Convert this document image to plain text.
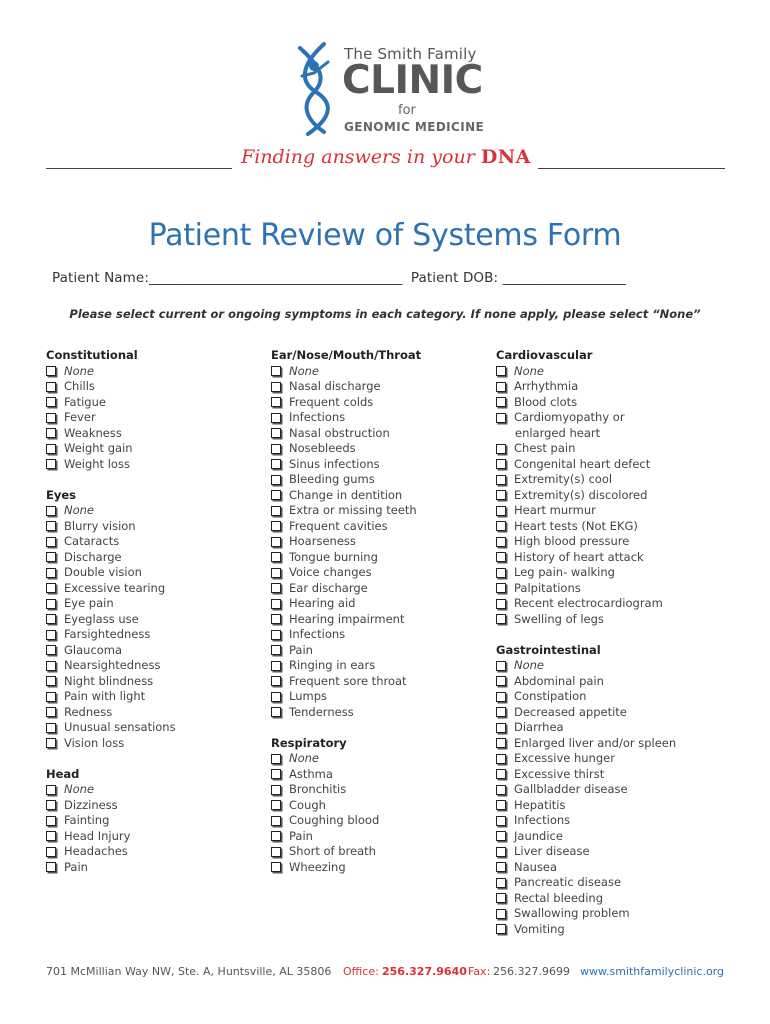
The Smith Family
CLINIC
for
GENOMIC MEDICINE
Finding answers in your DNA
Patient Review of Systems Form
Patient Name:_____________________________________ Patient DOB: __________________
Please select current or ongoing symptoms in each category. If none apply, please select “None”
Constitutional
None
Chills
Fatigue
Fever
Weakness
Weight gain
Weight loss
Eyes
None
Blurry vision
Cataracts
Discharge
Double vision
Excessive tearing
Eye pain
Eyeglass use
Farsightedness
Glaucoma
Nearsightedness
Night blindness
Pain with light
Redness
Unusual sensations
Vision loss
Head
None
Dizziness
Fainting
Head Injury
Headaches
Pain
Ear/Nose/Mouth/Throat
None
Nasal discharge
Frequent colds
Infections
Nasal obstruction
Nosebleeds
Sinus infections
Bleeding gums
Change in dentition
Extra or missing teeth
Frequent cavities
Hoarseness
Tongue burning
Voice changes
Ear discharge
Hearing aid
Hearing impairment
Infections
Pain
Ringing in ears
Frequent sore throat
Lumps
Tenderness
Respiratory
None
Asthma
Bronchitis
Cough
Coughing blood
Pain
Short of breath
Wheezing
Cardiovascular
None
Arrhythmia
Blood clots
Cardiomyopathy or
enlarged heart
Chest pain
Congenital heart defect
Extremity(s) cool
Extremity(s) discolored
Heart murmur
Heart tests (Not EKG)
High blood pressure
History of heart attack
Leg pain- walking
Palpitations
Recent electrocardiogram
Swelling of legs
Gastrointestinal
None
Abdominal pain
Constipation
Decreased appetite
Diarrhea
Enlarged liver and/or spleen
Excessive hunger
Excessive thirst
Gallbladder disease
Hepatitis
Infections
Jaundice
Liver disease
Nausea
Pancreatic disease
Rectal bleeding
Swallowing problem
Vomiting
701 McMillian Way NW, Ste. A, Huntsville, AL 35806 Office: 256.327.9640 Fax: 256.327.9699 www.smithfamilyclinic.org
